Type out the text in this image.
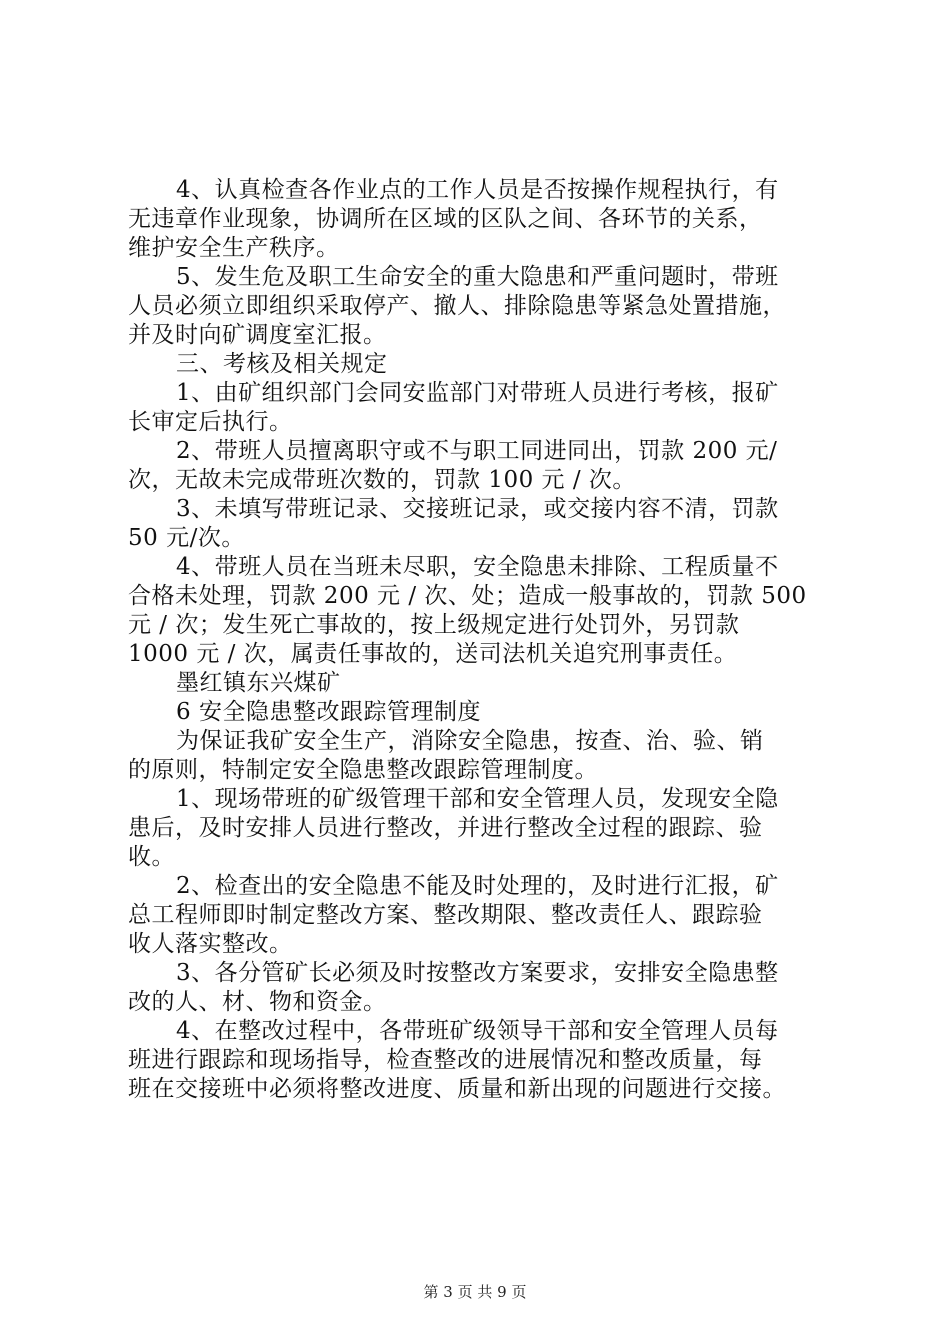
4、认真检查各作业点的工作人员是否按操作规程执行，有
无违章作业现象，协调所在区域的区队之间、各环节的关系，
维护安全生产秩序。

5、发生危及职工生命安全的重大隐患和严重问题时，带班
人员必须立即组织采取停产、撤人、排除隐患等紧急处置措施，
并及时向矿调度室汇报。

三、考核及相关规定

1、由矿组织部门会同安监部门对带班人员进行考核，报矿
长审定后执行。

2、带班人员擅离职守或不与职工同进同出，罚款 200 元/
次，无故未完成带班次数的，罚款 100 元 / 次。

3、未填写带班记录、交接班记录，或交接内容不清，罚款
50 元/次。

4、带班人员在当班未尽职，安全隐患未排除、工程质量不
合格未处理，罚款 200 元 / 次、处；造成一般事故的，罚款 500
元 / 次；发生死亡事故的，按上级规定进行处罚外，另罚款
1000 元 / 次，属责任事故的，送司法机关追究刑事责任。

墨红镇东兴煤矿

6 安全隐患整改跟踪管理制度

为保证我矿安全生产，消除安全隐患，按查、治、验、销
的原则，特制定安全隐患整改跟踪管理制度。

1、现场带班的矿级管理干部和安全管理人员，发现安全隐
患后，及时安排人员进行整改，并进行整改全过程的跟踪、验
收。

2、检查出的安全隐患不能及时处理的，及时进行汇报，矿
总工程师即时制定整改方案、整改期限、整改责任人、跟踪验
收人落实整改。

3、各分管矿长必须及时按整改方案要求，安排安全隐患整
改的人、材、物和资金。

4、在整改过程中，各带班矿级领导干部和安全管理人员每
班进行跟踪和现场指导，检查整改的进展情况和整改质量，每
班在交接班中必须将整改进度、质量和新出现的问题进行交接。

第 3 页 共 9 页
